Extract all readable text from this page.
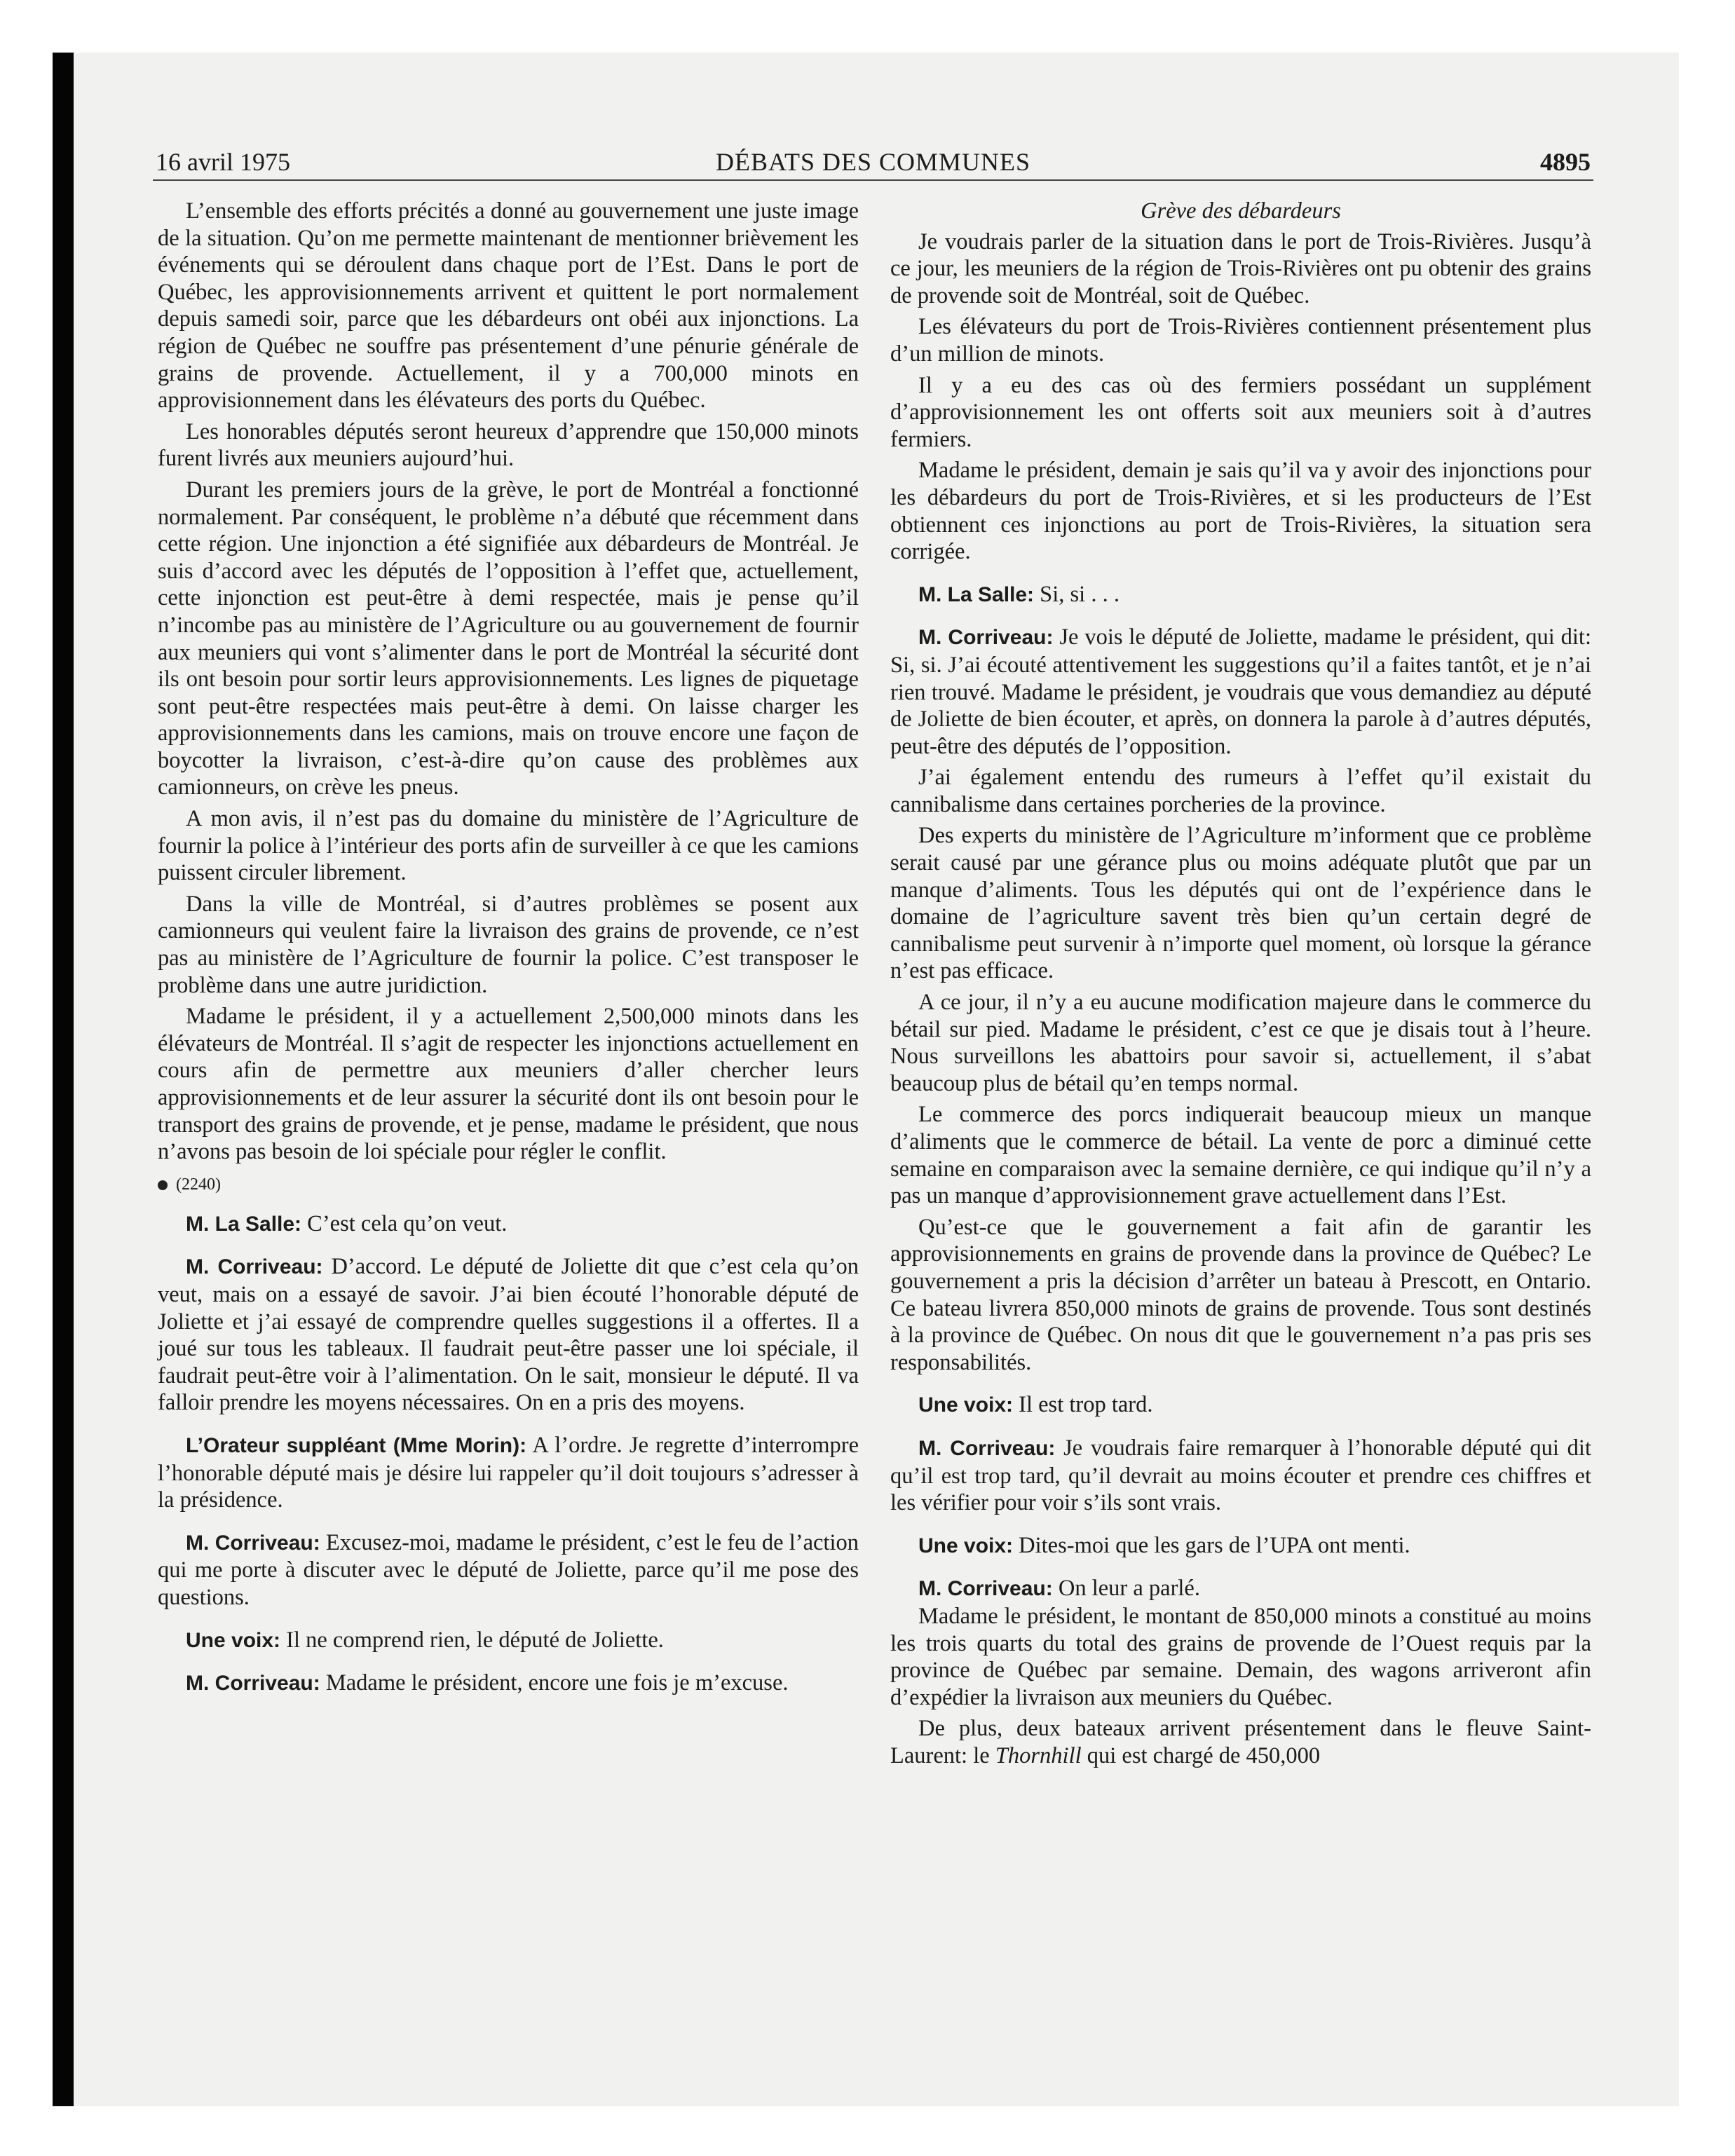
16 avril 1975	DÉBATS DES COMMUNES	4895

L’ensemble des efforts précités a donné au gouvernement une juste image de la situation. Qu’on me permette maintenant de mentionner brièvement les événements qui se déroulent dans chaque port de l’Est. Dans le port de Québec, les approvisionnements arrivent et quittent le port normalement depuis samedi soir, parce que les débardeurs ont obéi aux injonctions. La région de Québec ne souffre pas présentement d’une pénurie générale de grains de provende. Actuellement, il y a 700,000 minots en approvisionnement dans les élévateurs des ports du Québec.

Les honorables députés seront heureux d’apprendre que 150,000 minots furent livrés aux meuniers aujourd’hui.

Durant les premiers jours de la grève, le port de Montréal a fonctionné normalement. Par conséquent, le problème n’a débuté que récemment dans cette région. Une injonction a été signifiée aux débardeurs de Montréal. Je suis d’accord avec les députés de l’opposition à l’effet que, actuellement, cette injonction est peut-être à demi respectée, mais je pense qu’il n’incombe pas au ministère de l’Agriculture ou au gouvernement de fournir aux meuniers qui vont s’alimenter dans le port de Montréal la sécurité dont ils ont besoin pour sortir leurs approvisionnements. Les lignes de piquetage sont peut-être respectées mais peut-être à demi. On laisse charger les approvisionnements dans les camions, mais on trouve encore une façon de boycotter la livraison, c’est-à-dire qu’on cause des problèmes aux camionneurs, on crève les pneus.

A mon avis, il n’est pas du domaine du ministère de l’Agriculture de fournir la police à l’intérieur des ports afin de surveiller à ce que les camions puissent circuler librement.

Dans la ville de Montréal, si d’autres problèmes se posent aux camionneurs qui veulent faire la livraison des grains de provende, ce n’est pas au ministère de l’Agriculture de fournir la police. C’est transposer le problème dans une autre juridiction.

Madame le président, il y a actuellement 2,500,000 minots dans les élévateurs de Montréal. Il s’agit de respecter les injonctions actuellement en cours afin de permettre aux meuniers d’aller chercher leurs approvisionnements et de leur assurer la sécurité dont ils ont besoin pour le transport des grains de provende, et je pense, madame le président, que nous n’avons pas besoin de loi spéciale pour régler le conflit.

(2240)

M. La Salle: C’est cela qu’on veut.

M. Corriveau: D’accord. Le député de Joliette dit que c’est cela qu’on veut, mais on a essayé de savoir. J’ai bien écouté l’honorable député de Joliette et j’ai essayé de comprendre quelles suggestions il a offertes. Il a joué sur tous les tableaux. Il faudrait peut-être passer une loi spéciale, il faudrait peut-être voir à l’alimentation. On le sait, monsieur le député. Il va falloir prendre les moyens nécessaires. On en a pris des moyens.

L’Orateur suppléant (Mme Morin): A l’ordre. Je regrette d’interrompre l’honorable député mais je désire lui rappeler qu’il doit toujours s’adresser à la présidence.

M. Corriveau: Excusez-moi, madame le président, c’est le feu de l’action qui me porte à discuter avec le député de Joliette, parce qu’il me pose des questions.

Une voix: Il ne comprend rien, le député de Joliette.

M. Corriveau: Madame le président, encore une fois je m’excuse.

Grève des débardeurs

Je voudrais parler de la situation dans le port de Trois-Rivières. Jusqu’à ce jour, les meuniers de la région de Trois-Rivières ont pu obtenir des grains de provende soit de Montréal, soit de Québec.

Les élévateurs du port de Trois-Rivières contiennent présentement plus d’un million de minots.

Il y a eu des cas où des fermiers possédant un supplément d’approvisionnement les ont offerts soit aux meuniers soit à d’autres fermiers.

Madame le président, demain je sais qu’il va y avoir des injonctions pour les débardeurs du port de Trois-Rivières, et si les producteurs de l’Est obtiennent ces injonctions au port de Trois-Rivières, la situation sera corrigée.

M. La Salle: Si, si . . .

M. Corriveau: Je vois le député de Joliette, madame le président, qui dit: Si, si. J’ai écouté attentivement les suggestions qu’il a faites tantôt, et je n’ai rien trouvé. Madame le président, je voudrais que vous demandiez au député de Joliette de bien écouter, et après, on donnera la parole à d’autres députés, peut-être des députés de l’opposition.

J’ai également entendu des rumeurs à l’effet qu’il existait du cannibalisme dans certaines porcheries de la province.

Des experts du ministère de l’Agriculture m’informent que ce problème serait causé par une gérance plus ou moins adéquate plutôt que par un manque d’aliments. Tous les députés qui ont de l’expérience dans le domaine de l’agriculture savent très bien qu’un certain degré de cannibalisme peut survenir à n’importe quel moment, où lorsque la gérance n’est pas efficace.

A ce jour, il n’y a eu aucune modification majeure dans le commerce du bétail sur pied. Madame le président, c’est ce que je disais tout à l’heure. Nous surveillons les abattoirs pour savoir si, actuellement, il s’abat beaucoup plus de bétail qu’en temps normal.

Le commerce des porcs indiquerait beaucoup mieux un manque d’aliments que le commerce de bétail. La vente de porc a diminué cette semaine en comparaison avec la semaine dernière, ce qui indique qu’il n’y a pas un manque d’approvisionnement grave actuellement dans l’Est.

Qu’est-ce que le gouvernement a fait afin de garantir les approvisionnements en grains de provende dans la province de Québec? Le gouvernement a pris la décision d’arrêter un bateau à Prescott, en Ontario. Ce bateau livrera 850,000 minots de grains de provende. Tous sont destinés à la province de Québec. On nous dit que le gouvernement n’a pas pris ses responsabilités.

Une voix: Il est trop tard.

M. Corriveau: Je voudrais faire remarquer à l’honorable député qui dit qu’il est trop tard, qu’il devrait au moins écouter et prendre ces chiffres et les vérifier pour voir s’ils sont vrais.

Une voix: Dites-moi que les gars de l’UPA ont menti.

M. Corriveau: On leur a parlé.

Madame le président, le montant de 850,000 minots a constitué au moins les trois quarts du total des grains de provende de l’Ouest requis par la province de Québec par semaine. Demain, des wagons arriveront afin d’expédier la livraison aux meuniers du Québec.

De plus, deux bateaux arrivent présentement dans le fleuve Saint-Laurent: le Thornhill qui est chargé de 450,000
